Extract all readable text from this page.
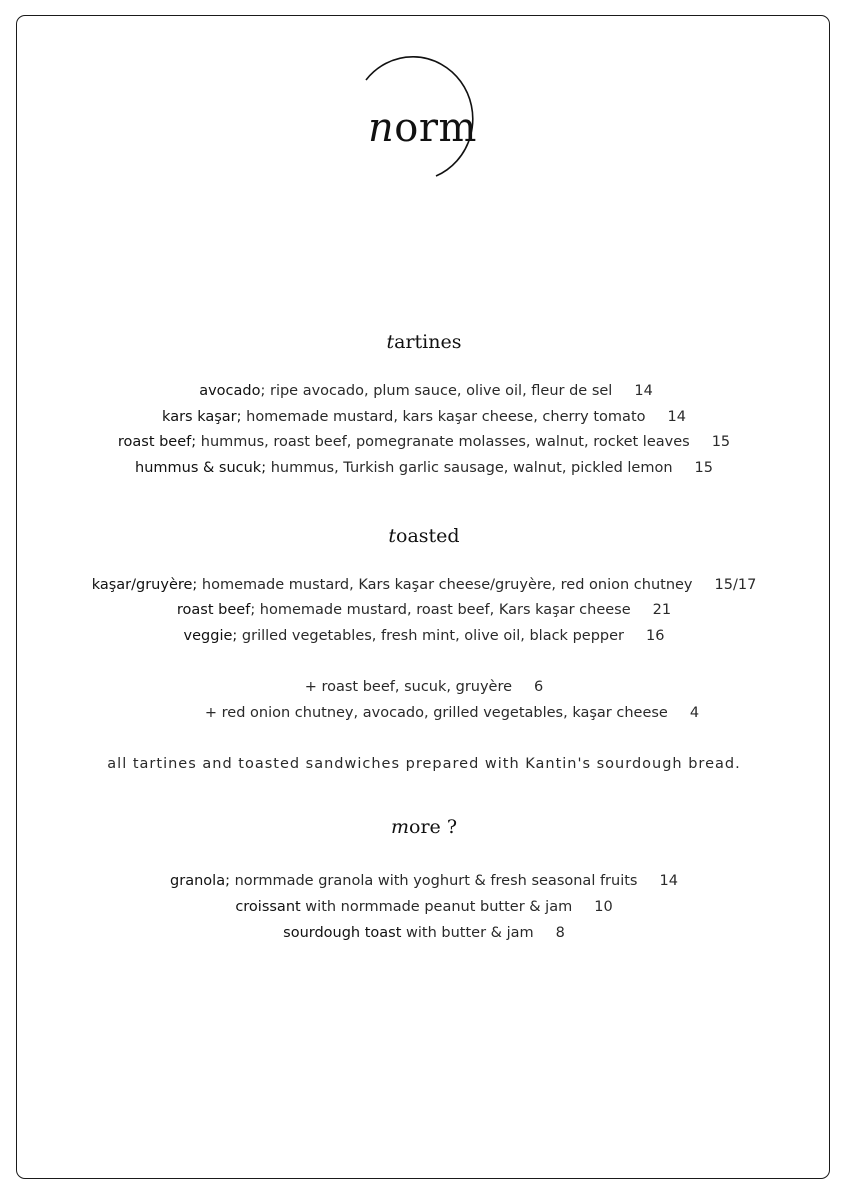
norm
tartines
avocado; ripe avocado, plum sauce, olive oil, fleur de sel 14
kars kaşar; homemade mustard, kars kaşar cheese, cherry tomato 14
roast beef; hummus, roast beef, pomegranate molasses, walnut, rocket leaves 15
hummus & sucuk; hummus, Turkish garlic sausage, walnut, pickled lemon 15
toasted
kaşar/gruyère; homemade mustard, Kars kaşar cheese/gruyère, red onion chutney 15/17
roast beef; homemade mustard, roast beef, Kars kaşar cheese 21
veggie; grilled vegetables, fresh mint, olive oil, black pepper 16
+ roast beef, sucuk, gruyère 6
+ red onion chutney, avocado, grilled vegetables, kaşar cheese 4
all tartines and toasted sandwiches prepared with Kantin's sourdough bread.
more ?
granola; normmade granola with yoghurt & fresh seasonal fruits 14
croissant with normmade peanut butter & jam 10
sourdough toast with butter & jam 8
